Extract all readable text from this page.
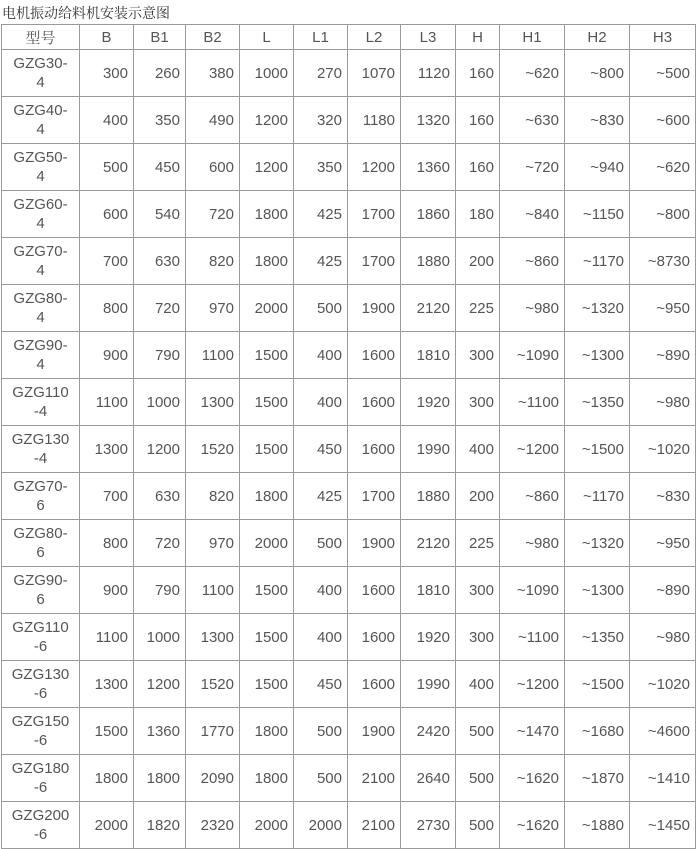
电机振动给料机安装示意图
型号	B	B1	B2	L	L1	L2	L3	H	H1	H2	H3
GZG30-4	300	260	380	1000	270	1070	1120	160	~620	~800	~500
GZG40-4	400	350	490	1200	320	1180	1320	160	~630	~830	~600
GZG50-4	500	450	600	1200	350	1200	1360	160	~720	~940	~620
GZG60-4	600	540	720	1800	425	1700	1860	180	~840	~1150	~800
GZG70-4	700	630	820	1800	425	1700	1880	200	~860	~1170	~8730
GZG80-4	800	720	970	2000	500	1900	2120	225	~980	~1320	~950
GZG90-4	900	790	1100	1500	400	1600	1810	300	~1090	~1300	~890
GZG110-4	1100	1000	1300	1500	400	1600	1920	300	~1100	~1350	~980
GZG130-4	1300	1200	1520	1500	450	1600	1990	400	~1200	~1500	~1020
GZG70-6	700	630	820	1800	425	1700	1880	200	~860	~1170	~830
GZG80-6	800	720	970	2000	500	1900	2120	225	~980	~1320	~950
GZG90-6	900	790	1100	1500	400	1600	1810	300	~1090	~1300	~890
GZG110-6	1100	1000	1300	1500	400	1600	1920	300	~1100	~1350	~980
GZG130-6	1300	1200	1520	1500	450	1600	1990	400	~1200	~1500	~1020
GZG150-6	1500	1360	1770	1800	500	1900	2420	500	~1470	~1680	~4600
GZG180-6	1800	1800	2090	1800	500	2100	2640	500	~1620	~1870	~1410
GZG200-6	2000	1820	2320	2000	2000	2100	2730	500	~1620	~1880	~1450
